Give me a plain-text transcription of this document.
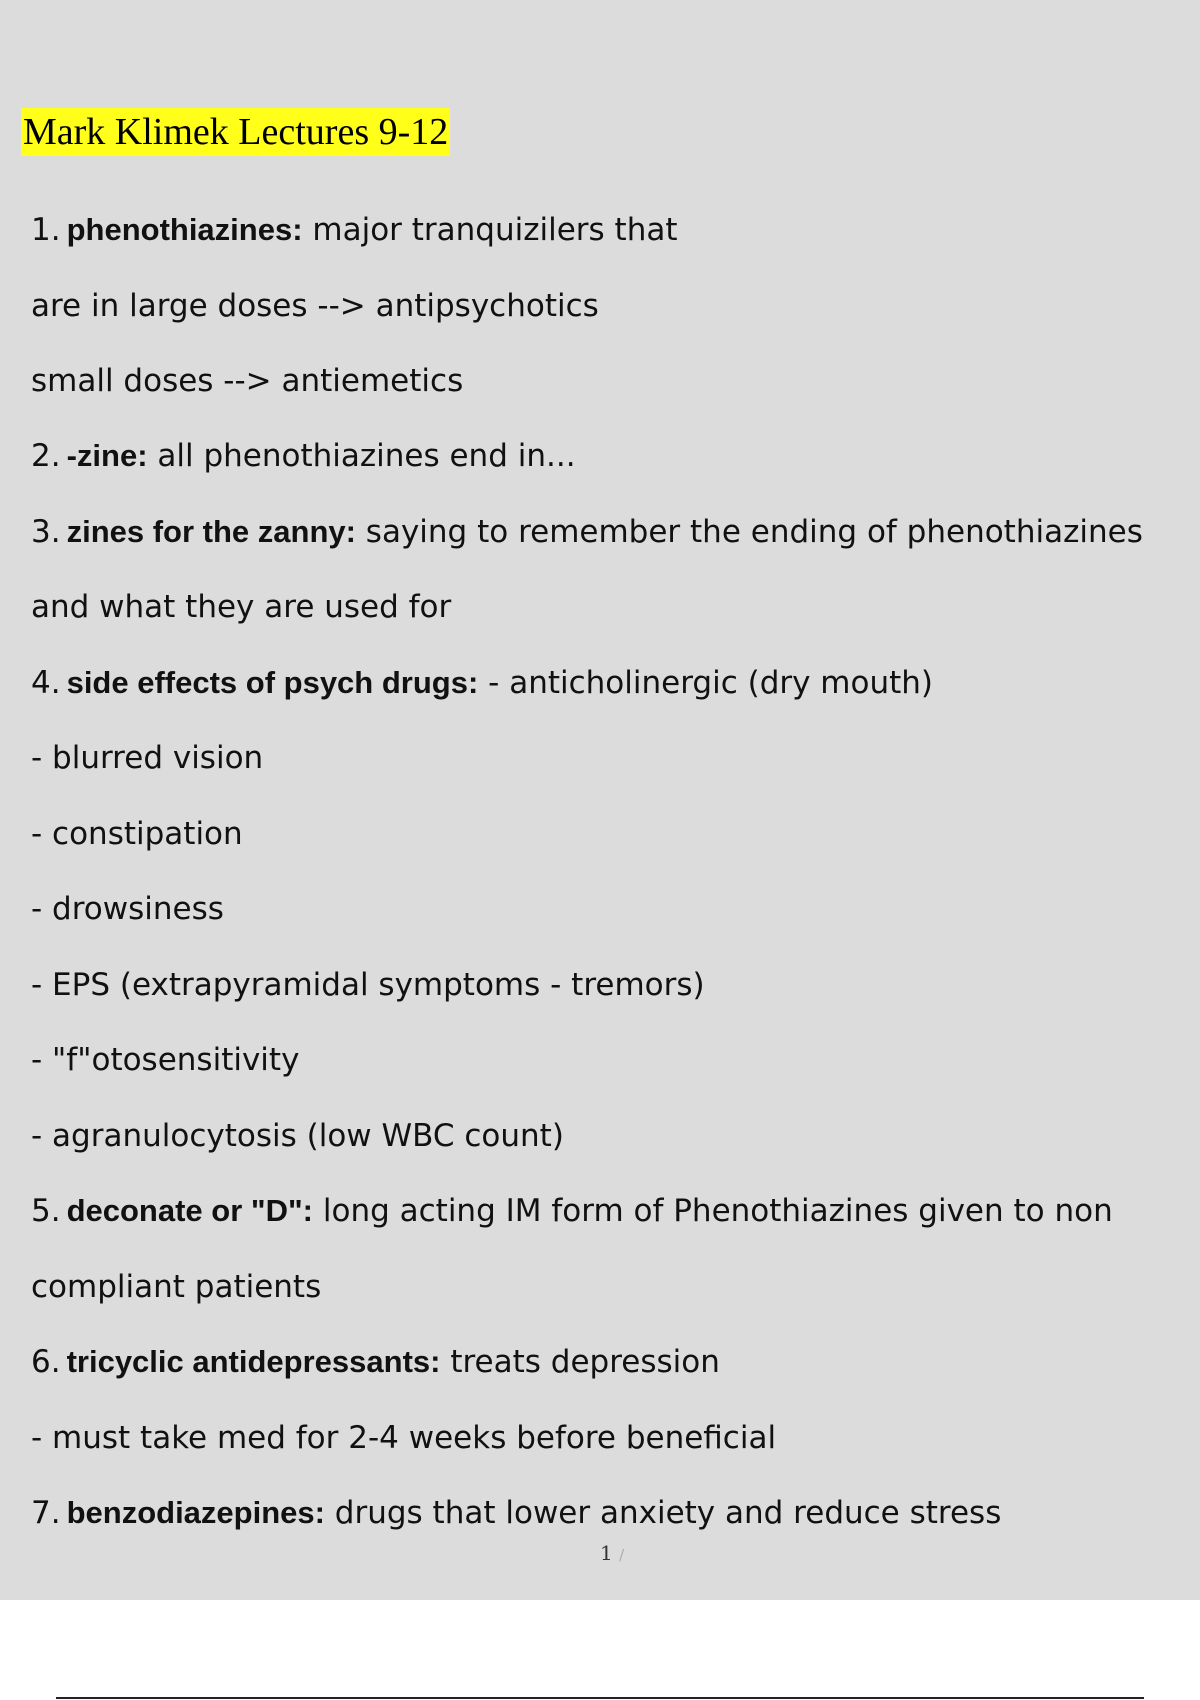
Mark Klimek Lectures 9-12
1. phenothiazines: major tranquizilers that
are in large doses --> antipsychotics
small doses --> antiemetics
2. -zine: all phenothiazines end in...
3. zines for the zanny: saying to remember the ending of phenothiazines
and what they are used for
4. side effects of psych drugs: - anticholinergic (dry mouth)
- blurred vision
- constipation
- drowsiness
- EPS (extrapyramidal symptoms - tremors)
- "f"otosensitivity
- agranulocytosis (low WBC count)
5. deconate or "D": long acting IM form of Phenothiazines given to non
compliant patients
6. tricyclic antidepressants: treats depression
- must take med for 2-4 weeks before beneficial
7. benzodiazepines: drugs that lower anxiety and reduce stress
1 /
